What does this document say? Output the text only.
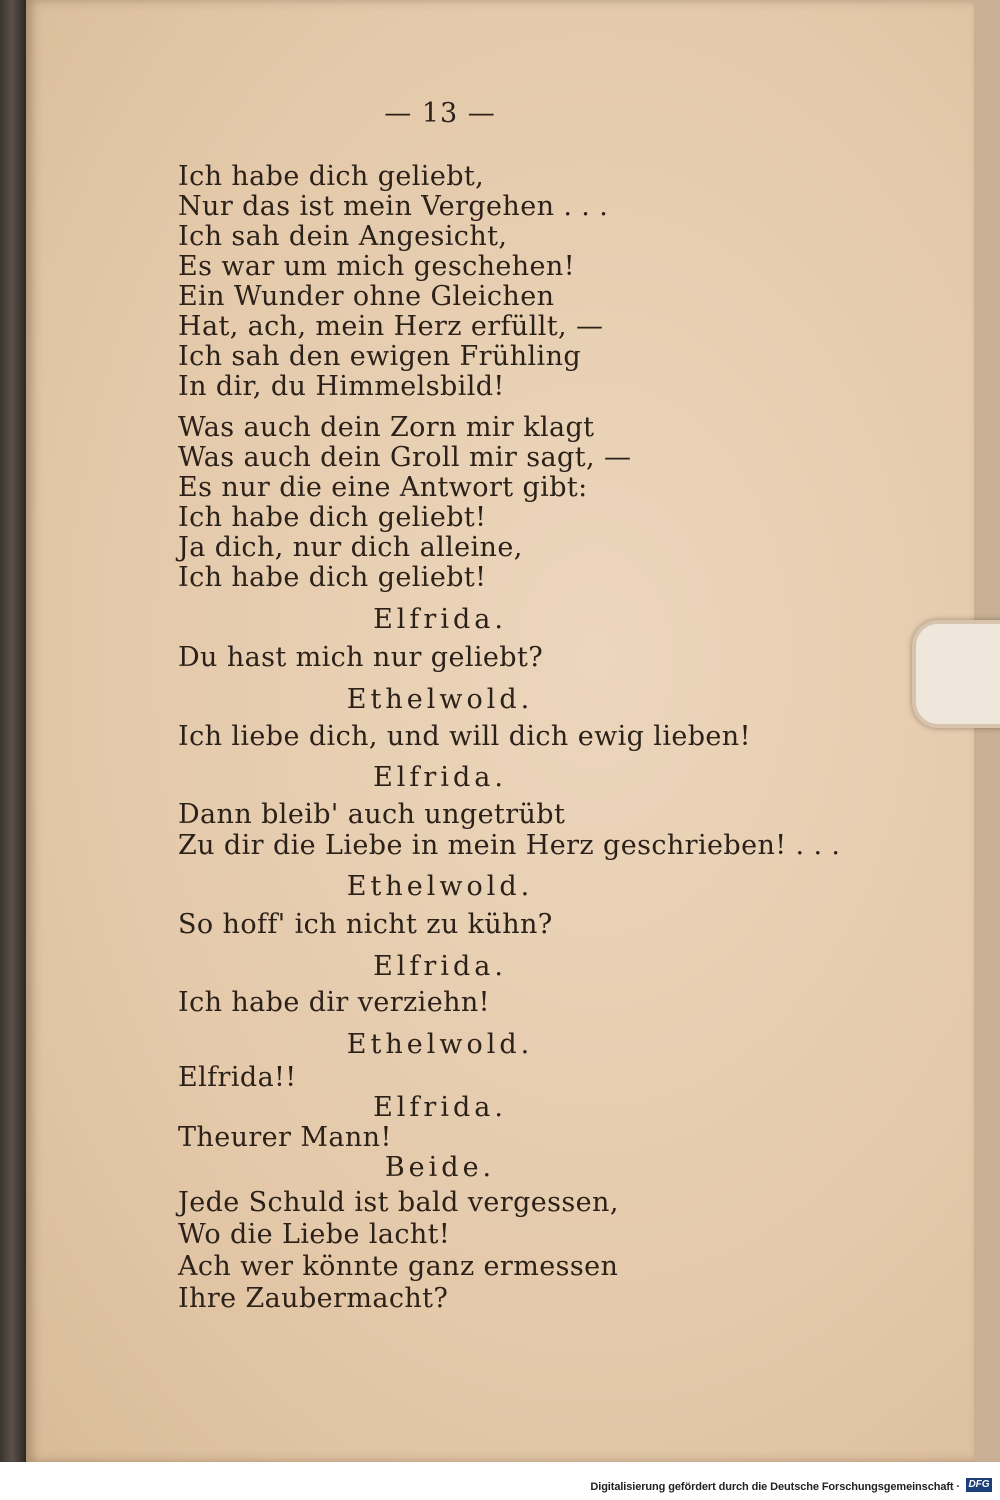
— 13 —
Ich habe dich geliebt,
Nur das ist mein Vergehen . . .
Ich sah dein Angesicht,
Es war um mich geschehen!
Ein Wunder ohne Gleichen
Hat, ach, mein Herz erfüllt, —
Ich sah den ewigen Frühling
In dir, du Himmelsbild!
Was auch dein Zorn mir klagt
Was auch dein Groll mir sagt, —
Es nur die eine Antwort gibt:
Ich habe dich geliebt!
Ja dich, nur dich alleine,
Ich habe dich geliebt!
Elfrida.
Du hast mich nur geliebt?
Ethelwold.
Ich liebe dich, und will dich ewig lieben!
Elfrida.
Dann bleib' auch ungetrübt
Zu dir die Liebe in mein Herz geschrieben! . . .
Ethelwold.
So hoff' ich nicht zu kühn?
Elfrida.
Ich habe dir verziehn!
Ethelwold.
Elfrida!!
Elfrida.
Theurer Mann!
Beide.
Jede Schuld ist bald vergessen,
Wo die Liebe lacht!
Ach wer könnte ganz ermessen
Ihre Zaubermacht?
Digitalisierung gefördert durch die Deutsche Forschungsgemeinschaft · DFG
